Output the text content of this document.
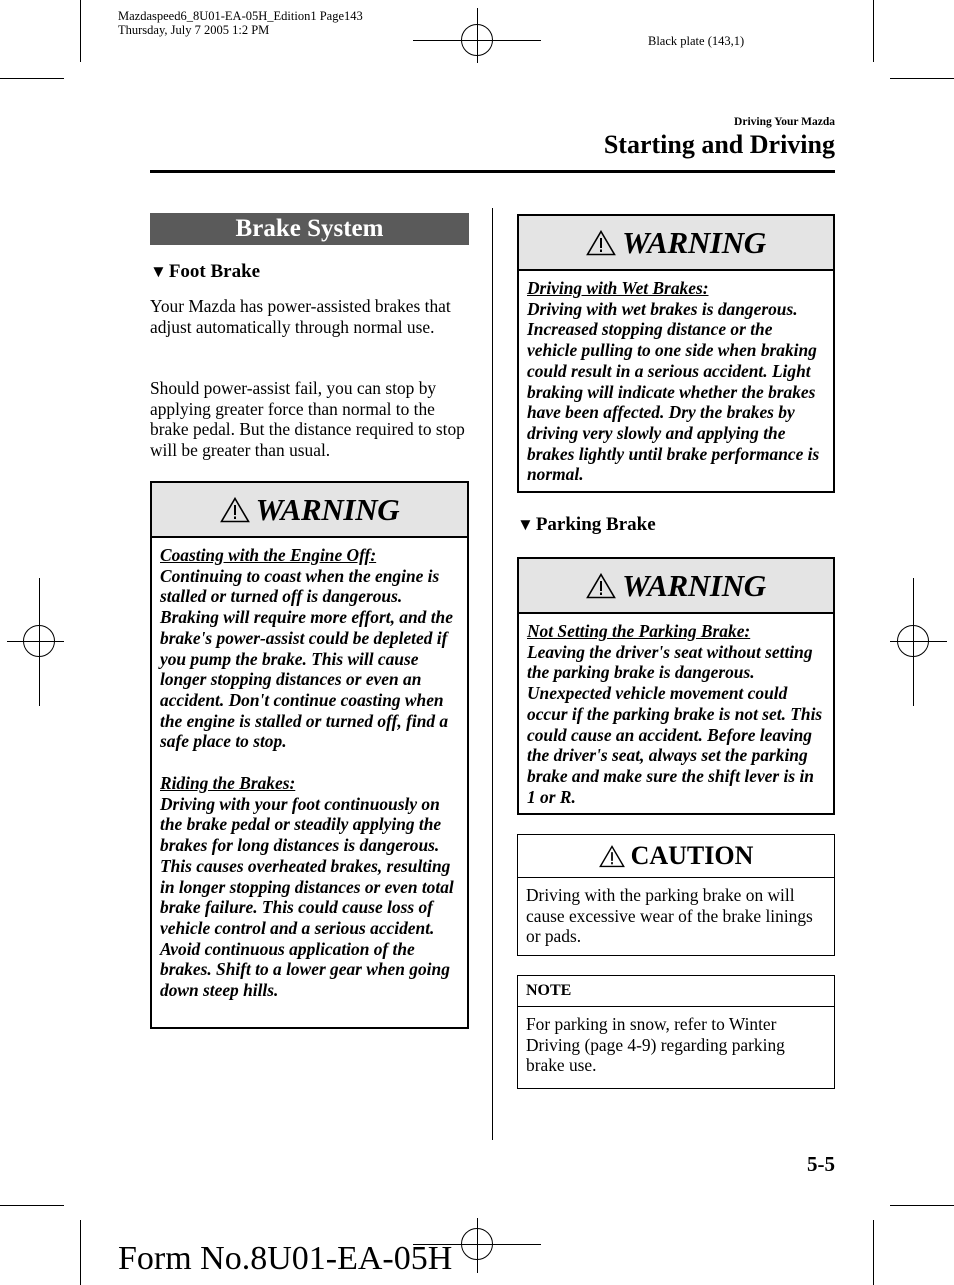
Mazdaspeed6_8U01-EA-05H_Edition1 Page143
Thursday, July 7 2005 1:2 PM
Black plate (143,1)
Driving Your Mazda
Starting and Driving
Brake System
▼ Foot Brake
Your Mazda has power-assisted brakes that adjust automatically through normal use.
Should power-assist fail, you can stop by applying greater force than normal to the brake pedal. But the distance required to stop will be greater than usual.
WARNING
Coasting with the Engine Off:
Continuing to coast when the engine is stalled or turned off is dangerous. Braking will require more effort, and the brake's power-assist could be depleted if you pump the brake. This will cause longer stopping distances or even an accident. Don't continue coasting when the engine is stalled or turned off, find a safe place to stop.
Riding the Brakes:
Driving with your foot continuously on the brake pedal or steadily applying the brakes for long distances is dangerous. This causes overheated brakes, resulting in longer stopping distances or even total brake failure. This could cause loss of vehicle control and a serious accident. Avoid continuous application of the brakes. Shift to a lower gear when going down steep hills.
WARNING
Driving with Wet Brakes:
Driving with wet brakes is dangerous. Increased stopping distance or the vehicle pulling to one side when braking could result in a serious accident. Light braking will indicate whether the brakes have been affected. Dry the brakes by driving very slowly and applying the brakes lightly until brake performance is normal.
▼ Parking Brake
WARNING
Not Setting the Parking Brake:
Leaving the driver's seat without setting the parking brake is dangerous. Unexpected vehicle movement could occur if the parking brake is not set. This could cause an accident. Before leaving the driver's seat, always set the parking brake and make sure the shift lever is in 1 or R.
CAUTION
Driving with the parking brake on will cause excessive wear of the brake linings or pads.
NOTE
For parking in snow, refer to Winter Driving (page 4-9) regarding parking brake use.
5-5
Form No.8U01-EA-05H
